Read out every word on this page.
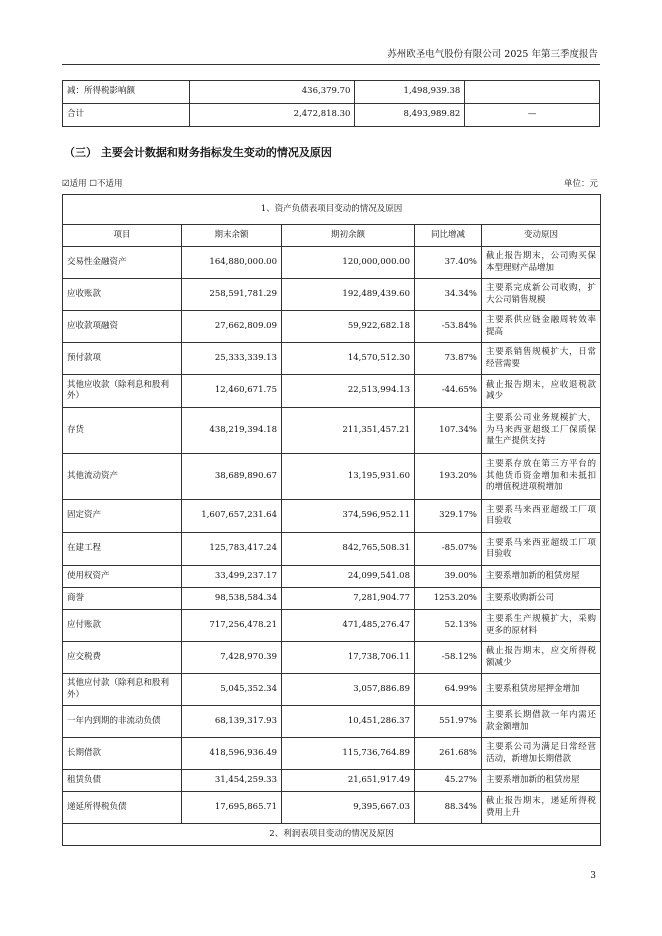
苏州欧圣电气股份有限公司 2025 年第三季度报告
减：所得税影响额	436,379.70	1,498,939.38	
合计	2,472,818.30	8,493,989.82	—
（三） 主要会计数据和财务指标发生变动的情况及原因
☑适用 ☐不适用	单位：元
1、资产负债表项目变动的情况及原因				
项目	期末余额	期初余额	同比增减	变动原因
交易性金融资产	164,880,000.00	120,000,000.00	37.40%	截止报告期末，公司购买保本型理财产品增加
应收账款	258,591,781.29	192,489,439.60	34.34%	主要系完成新公司收购，扩大公司销售规模
应收款项融资	27,662,809.09	59,922,682.18	-53.84%	主要系供应链金融周转效率提高
预付款项	25,333,339.13	14,570,512.30	73.87%	主要系销售规模扩大，日常经营需要
其他应收款（除利息和股利外）	12,460,671.75	22,513,994.13	-44.65%	截止报告期末，应收退税款减少
存货	438,219,394.18	211,351,457.21	107.34%	主要系公司业务规模扩大，为马来西亚超级工厂保质保量生产提供支持
其他流动资产	38,689,890.67	13,195,931.60	193.20%	主要系存放在第三方平台的其他货币资金增加和未抵扣的增值税进项税增加
固定资产	1,607,657,231.64	374,596,952.11	329.17%	主要系马来西亚超级工厂项目验收
在建工程	125,783,417.24	842,765,508.31	-85.07%	主要系马来西亚超级工厂项目验收
使用权资产	33,499,237.17	24,099,541.08	39.00%	主要系增加新的租赁房屋
商誉	98,538,584.34	7,281,904.77	1253.20%	主要系收购新公司
应付账款	717,256,478.21	471,485,276.47	52.13%	主要系生产规模扩大，采购更多的原材料
应交税费	7,428,970.39	17,738,706.11	-58.12%	截止报告期末，应交所得税额减少
其他应付款（除利息和股利外）	5,045,352.34	3,057,886.89	64.99%	主要系租赁房屋押金增加
一年内到期的非流动负债	68,139,317.93	10,451,286.37	551.97%	主要系长期借款一年内需还款金额增加
长期借款	418,596,936.49	115,736,764.89	261.68%	主要系公司为满足日常经营活动，新增加长期借款
租赁负债	31,454,259.33	21,651,917.49	45.27%	主要系增加新的租赁房屋
递延所得税负债	17,695,865.71	9,395,667.03	88.34%	截止报告期末，递延所得税费用上升
2、利润表项目变动的情况及原因				
3
